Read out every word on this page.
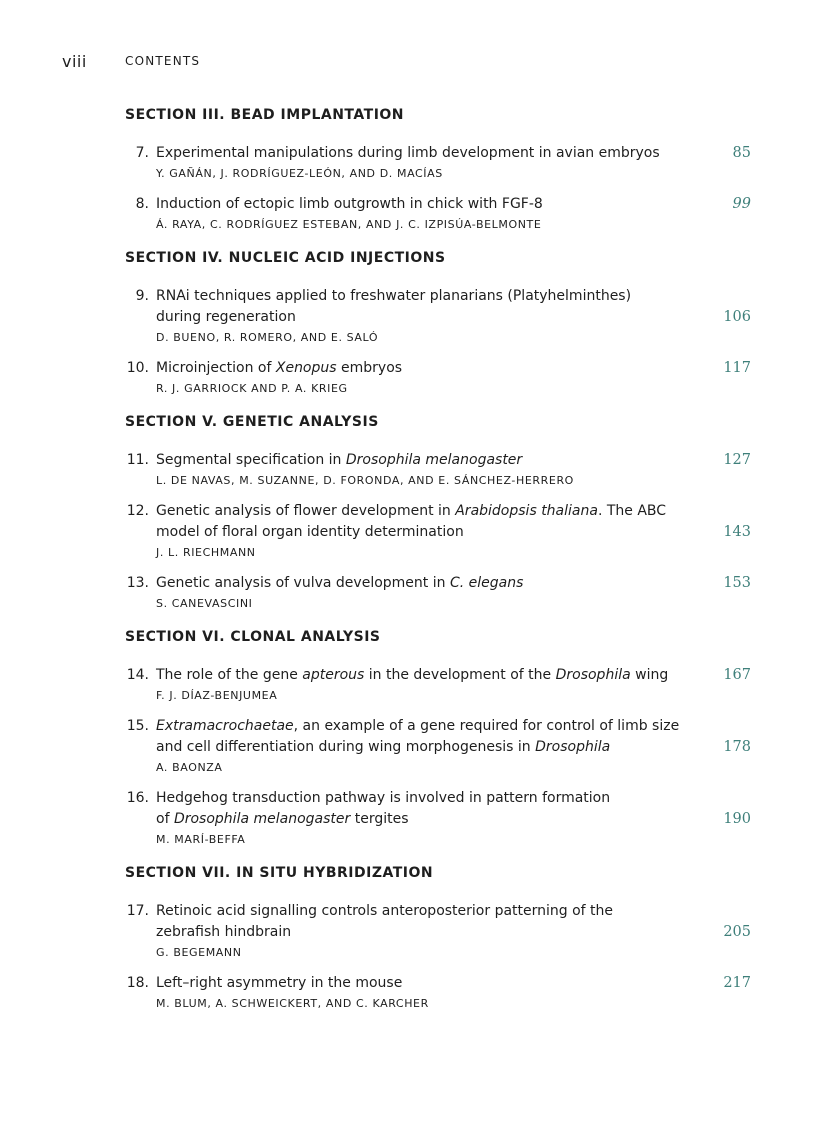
viii	CONTENTS
SECTION III. BEAD IMPLANTATION
7. Experimental manipulations during limb development in avian embryos
Y. GAÑÁN, J. RODRÍGUEZ-LEÓN, AND D. MACÍAS
85
8. Induction of ectopic limb outgrowth in chick with FGF-8
Á. RAYA, C. RODRÍGUEZ ESTEBAN, AND J. C. IZPISÚA-BELMONTE
99
SECTION IV. NUCLEIC ACID INJECTIONS
9. RNAi techniques applied to freshwater planarians (Platyhelminthes)
during regeneration
D. BUENO, R. ROMERO, AND E. SALÓ
106
10. Microinjection of Xenopus embryos
R. J. GARRIOCK AND P. A. KRIEG
117
SECTION V. GENETIC ANALYSIS
11. Segmental specification in Drosophila melanogaster
L. DE NAVAS, M. SUZANNE, D. FORONDA, AND E. SÁNCHEZ-HERRERO
127
12. Genetic analysis of flower development in Arabidopsis thaliana. The ABC
model of floral organ identity determination
J. L. RIECHMANN
143
13. Genetic analysis of vulva development in C. elegans
S. CANEVASCINI
153
SECTION VI. CLONAL ANALYSIS
14. The role of the gene apterous in the development of the Drosophila wing
F. J. DÍAZ-BENJUMEA
167
15. Extramacrochaetae, an example of a gene required for control of limb size
and cell differentiation during wing morphogenesis in Drosophila
A. BAONZA
178
16. Hedgehog transduction pathway is involved in pattern formation
of Drosophila melanogaster tergites
M. MARÍ-BEFFA
190
SECTION VII. IN SITU HYBRIDIZATION
17. Retinoic acid signalling controls anteroposterior patterning of the
zebrafish hindbrain
G. BEGEMANN
205
18. Left–right asymmetry in the mouse
M. BLUM, A. SCHWEICKERT, AND C. KARCHER
217
